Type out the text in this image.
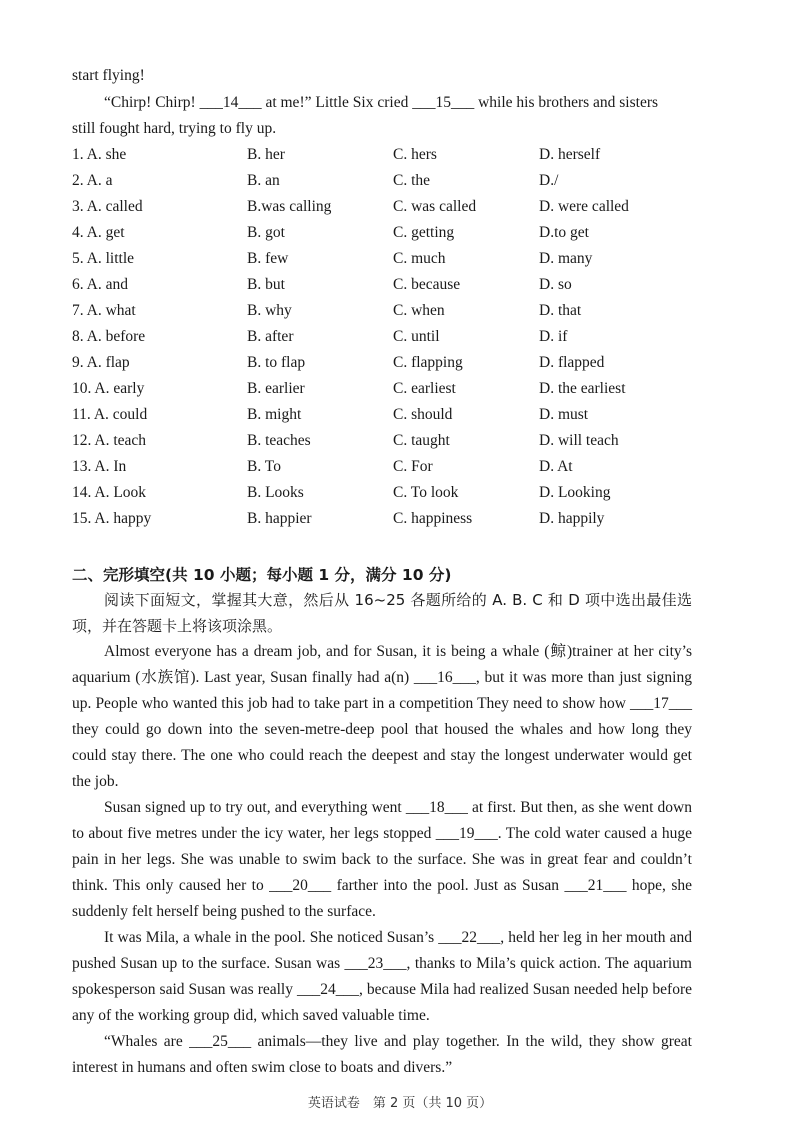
start flying!
“Chirp! Chirp! ___14___ at me!” Little Six cried ___15___ while his brothers and sisters
still fought hard, trying to fly up.
1. A. she	B. her	C. hers	D. herself
2. A. a	B. an	C. the	D./
3. A. called	B.was calling	C. was called	D. were called
4. A. get	B. got	C. getting	D.to get
5. A. little	B. few	C. much	D. many
6. A. and	B. but	C. because	D. so
7. A. what	B. why	C. when	D. that
8. A. before	B. after	C. until	D. if
9. A. flap	B. to flap	C. flapping	D. flapped
10. A. early	B. earlier	C. earliest	D. the earliest
11. A. could	B. might	C. should	D. must
12. A. teach	B. teaches	C. taught	D. will teach
13. A. In	B. To	C. For	D. At
14. A. Look	B. Looks	C. To look	D. Looking
15. A. happy	B. happier	C. happiness	D. happily
二、完形填空(共 10 小题；每小题 1 分，满分 10 分)

阅读下面短文，掌握其大意，然后从 16~25 各题所给的 A. B. C 和 D 项中选出最佳选项，并在答题卡上将该项涂黑。

Almost everyone has a dream job, and for Susan, it is being a whale (鲸)trainer at her city’s aquarium (水族馆). Last year, Susan finally had a(n) ___16___, but it was more than just signing up. People who wanted this job had to take part in a competition They need to show how ___17___ they could go down into the seven-metre-deep pool that housed the whales and how long they could stay there. The one who could reach the deepest and stay the longest underwater would get the job.

Susan signed up to try out, and everything went ___18___ at first. But then, as she went down to about five metres under the icy water, her legs stopped ___19___. The cold water caused a huge pain in her legs. She was unable to swim back to the surface. She was in great fear and couldn’t think. This only caused her to ___20___ farther into the pool. Just as Susan ___21___ hope, she suddenly felt herself being pushed to the surface.

It was Mila, a whale in the pool. She noticed Susan’s ___22___, held her leg in her mouth and pushed Susan up to the surface. Susan was ___23___, thanks to Mila’s quick action. The aquarium spokesperson said Susan was really ___24___, because Mila had realized Susan needed help before any of the working group did, which saved valuable time.

“Whales are ___25___ animals—they live and play together. In the wild, they show great interest in humans and often swim close to boats and divers.”

英语试卷　第 2 页（共 10 页）
